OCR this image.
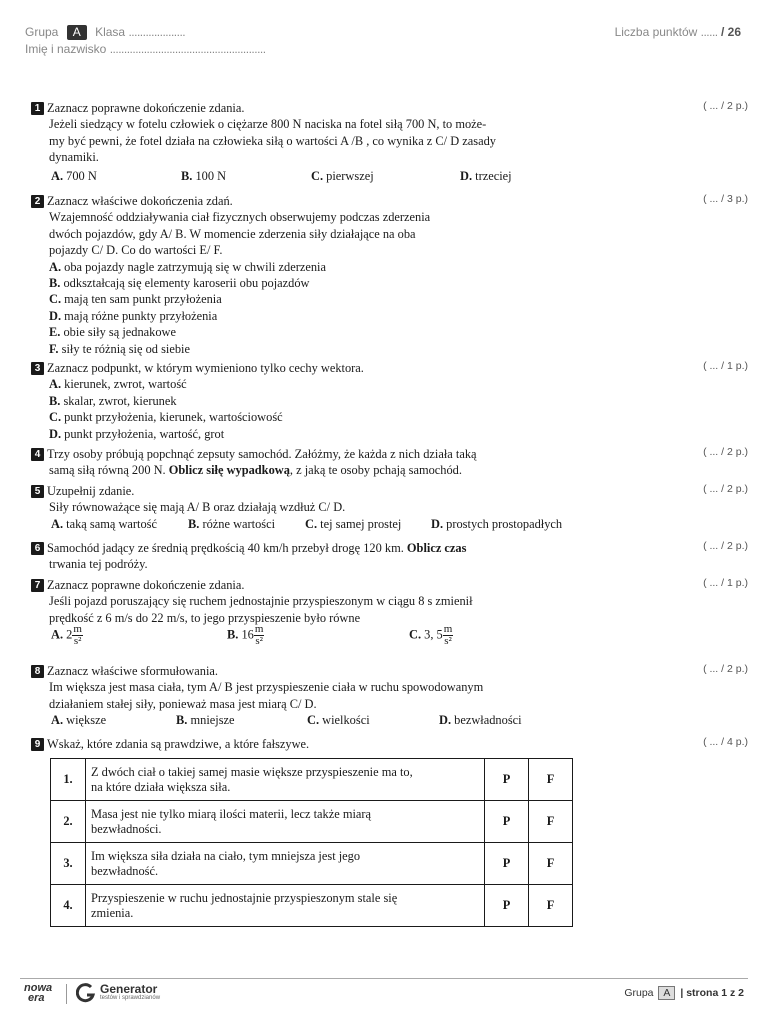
Grupa A Klasa ....................
Imię i nazwisko .......................................................
Liczba punktów ...... / 26
( ... / 2 p.)
1 Zaznacz poprawne dokończenie zdania.
Jeżeli siedzący w fotelu człowiek o ciężarze 800 N naciska na fotel siłą 700 N, to może-
my być pewni, że fotel działa na człowieka siłą o wartości A /B , co wynika z C/ D zasady
dynamiki.
A. 700 N	B. 100 N	C. pierwszej	D. trzeciej
( ... / 3 p.)
2 Zaznacz właściwe dokończenia zdań.
Wzajemność oddziaływania ciał fizycznych obserwujemy podczas zderzenia
dwóch pojazdów, gdy A/ B. W momencie zderzenia siły działające na oba
pojazdy C/ D. Co do wartości E/ F.
A. oba pojazdy nagle zatrzymują się w chwili zderzenia
B. odkształcają się elementy karoserii obu pojazdów
C. mają ten sam punkt przyłożenia
D. mają różne punkty przyłożenia
E. obie siły są jednakowe
F. siły te różnią się od siebie
( ... / 1 p.)
3 Zaznacz podpunkt, w którym wymieniono tylko cechy wektora.
A. kierunek, zwrot, wartość
B. skalar, zwrot, kierunek
C. punkt przyłożenia, kierunek, wartościowość
D. punkt przyłożenia, wartość, grot
( ... / 2 p.)
4 Trzy osoby próbują popchnąć zepsuty samochód. Załóżmy, że każda z nich działa taką
samą siłą równą 200 N. Oblicz siłę wypadkową, z jaką te osoby pchają samochód.
( ... / 2 p.)
5 Uzupełnij zdanie.
Siły równoważące się mają A/ B oraz działają wzdłuż C/ D.
A. taką samą wartość	B. różne wartości C. tej samej prostej D. prostych prostopadłych
( ... / 2 p.)
6 Samochód jadący ze średnią prędkością 40 km/h przebył drogę 120 km. Oblicz czas
trwania tej podróży.
( ... / 1 p.)
7 Zaznacz poprawne dokończenie zdania.
Jeśli pojazd poruszający się ruchem jednostajnie przyspieszonym w ciągu 8 s zmienił
prędkość z 6 m/s do 22 m/s, to jego przyspieszenie było równe
A. $2 \frac{m}{\text{s²}}$	B. $16 \frac{m}{\text{s²}}$	C. 3, $5 \frac{m}{\text{s²}}$
( ... / 2 p.)
8 Zaznacz właściwe sformułowania.
Im większa jest masa ciała, tym A/ B jest przyspieszenie ciała w ruchu spowodowanym
działaniem stałej siły, ponieważ masa jest miarą C/ D.
A. większe	B. mniejsze	C. wielkości	D. bezwładności
( ... / 4 p.)
9 Wskaż, które zdania są prawdziwe, a które fałszywe.
1.	Z dwóch ciał o takiej samej masie większe przyspieszenie ma to,
na które działa większa siła.	P	F
2.	Masa jest nie tylko miarą ilości materii, lecz także miarą
bezwładności.	P	F
3.	Im większa siła działa na ciało, tym mniejsza jest jego
bezwładność.	P	F
4.	Przyspieszenie w ruchu jednostajnie przyspieszonym stale się
zmienia.	P	F
nowa
era
Generator
testów i sprawdzianów	Grupa A | strona 1 z 2
